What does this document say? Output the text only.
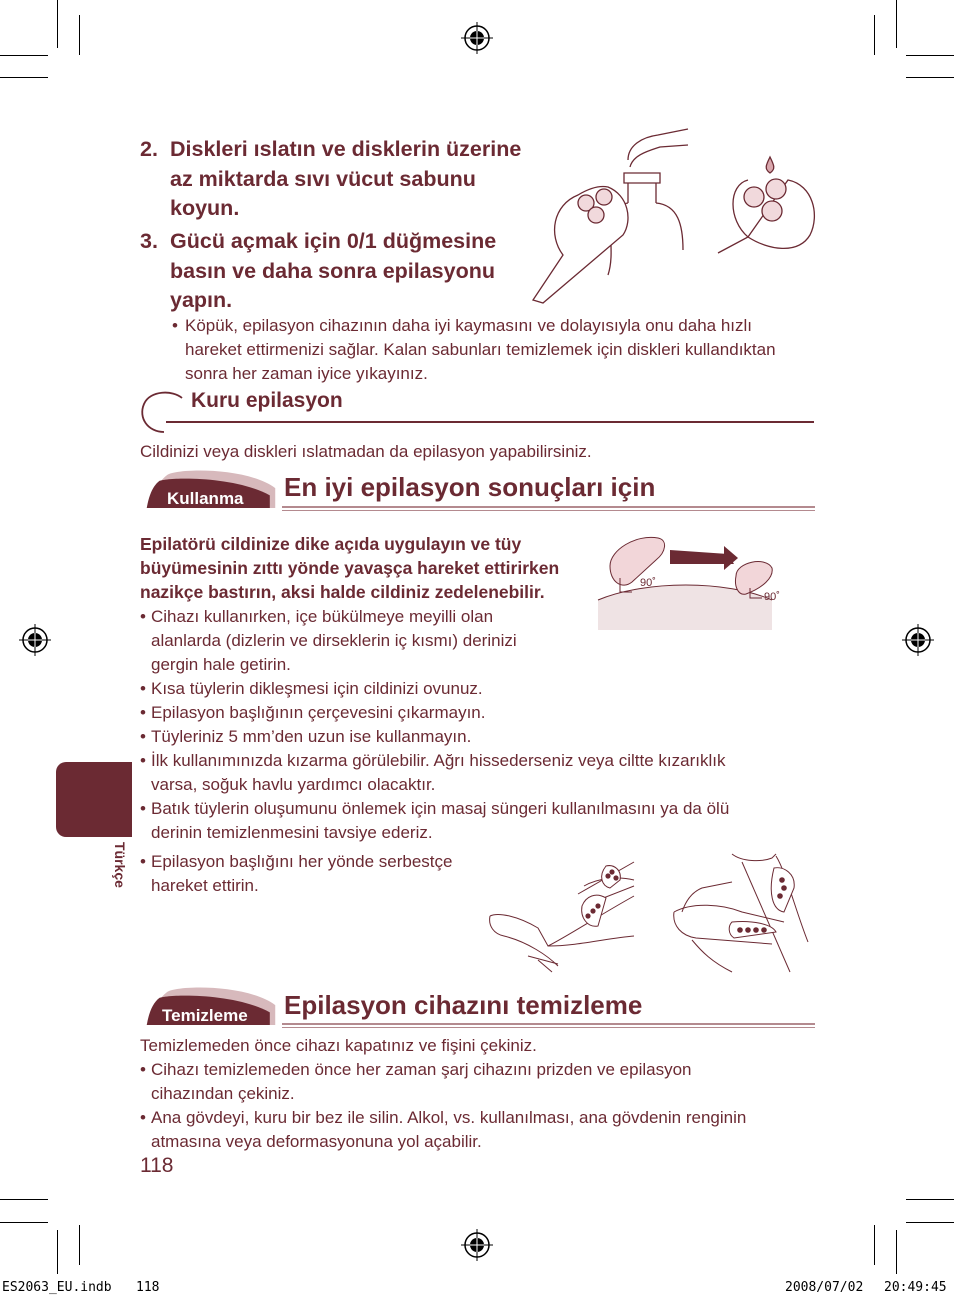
2. Diskleri ıslatın ve disklerin üzerine
az miktarda sıvı vücut sabunu
koyun.
3. Gücü açmak için 0/1 düğmesine
basın ve daha sonra epilasyonu
yapın.
• Köpük, epilasyon cihazının daha iyi kaymasını ve dolayısıyla onu daha hızlı
hareket ettirmenizi sağlar. Kalan sabunları temizlemek için diskleri kullandıktan
sonra her zaman iyice yıkayınız.
Kuru epilasyon
Cildinizi veya diskleri ıslatmadan da epilasyon yapabilirsiniz.
Kullanma En iyi epilasyon sonuçları için
Epilatörü cildinize dike açıda uygulayın ve tüy
büyümesinin zıttı yönde yavaşça hareket ettirirken
nazikçe bastırın, aksi halde cildiniz zedelenebilir.	90˚
90˚
• Cihazı kullanırken, içe bükülmeye meyilli olan
alanlarda (dizlerin ve dirseklerin iç kısmı) derinizi
gergin hale getirin.
• Kısa tüylerin dikleşmesi için cildinizi ovunuz.
• Epilasyon başlığının çerçevesini çıkarmayın.
• Tüyleriniz 5 mm’den uzun ise kullanmayın.
• İlk kullanımınızda kızarma görülebilir. Ağrı hissederseniz veya ciltte kızarıklık
varsa, soğuk havlu yardımcı olacaktır.
• Batık tüylerin oluşumunu önlemek için masaj süngeri kullanılmasını ya da ölü
derinin temizlenmesini tavsiye ederiz.
• Epilasyon başlığını her yönde serbestçe
hareket ettirin.
Türkçe
Temizleme Epilasyon cihazını temizleme
Temizlemeden önce cihazı kapatınız ve fişini çekiniz.
• Cihazı temizlemeden önce her zaman şarj cihazını prizden ve epilasyon
cihazından çekiniz.
• Ana gövdeyi, kuru bir bez ile silin. Alkol, vs. kullanılması, ana gövdenin renginin
atmasına veya deformasyonuna yol açabilir.
118
ES2063_EU.indb 118	2008/07/02 20:49:45
